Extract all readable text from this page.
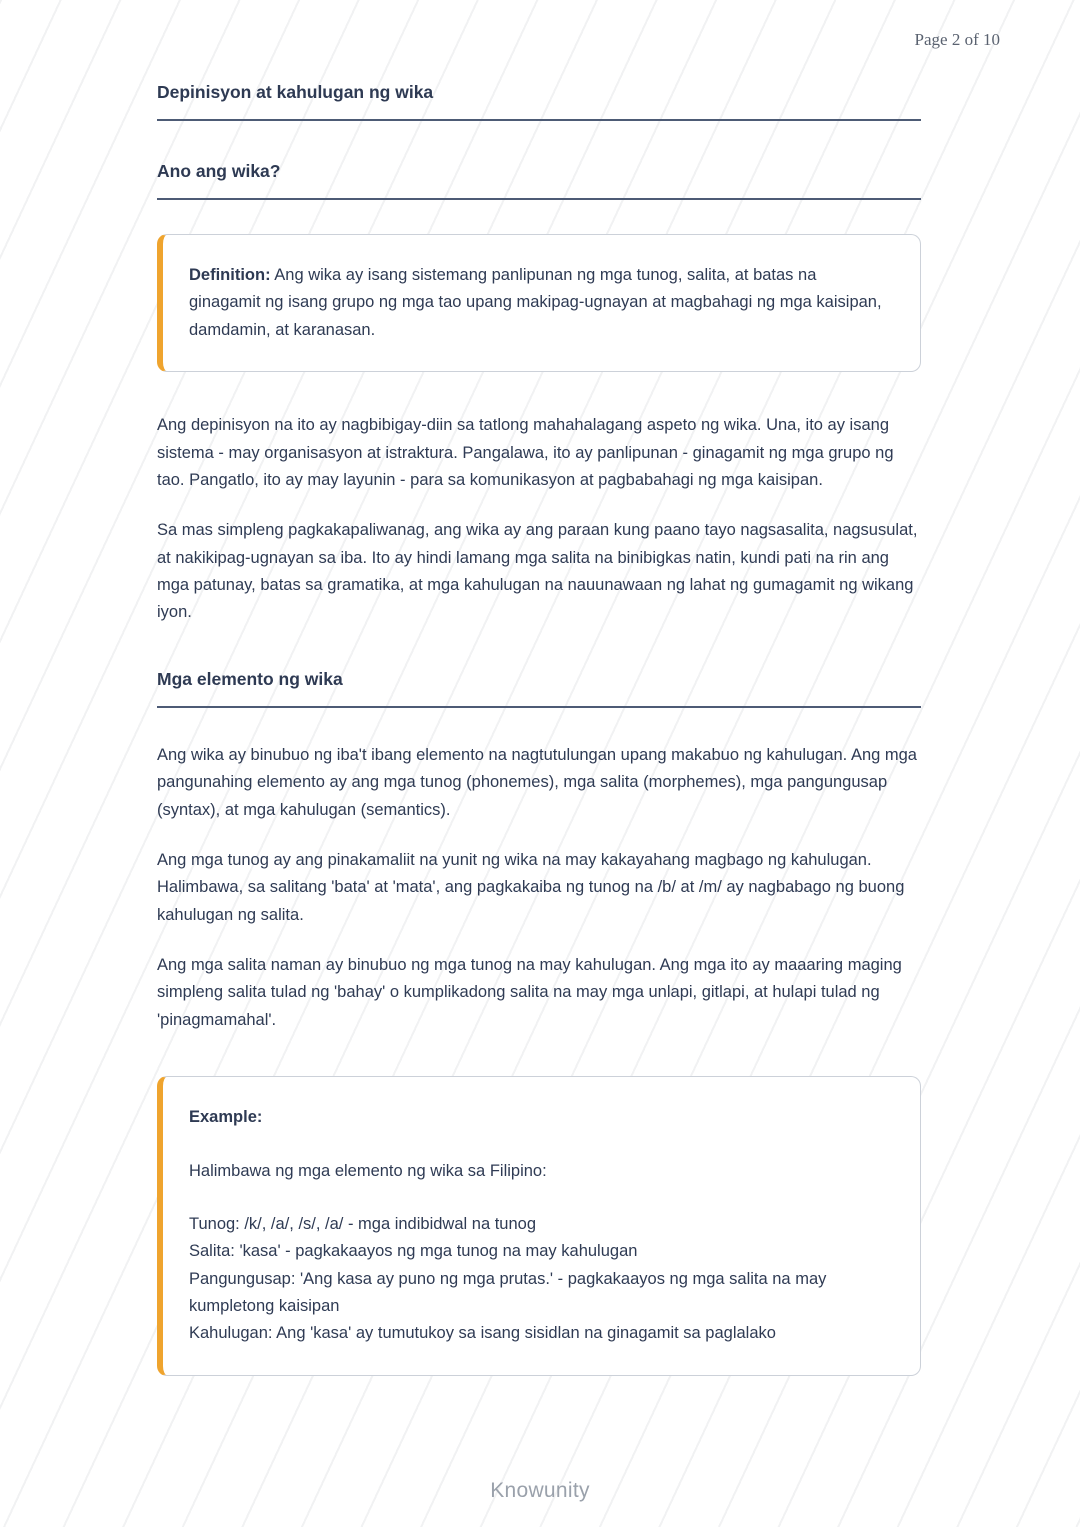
Page 2 of 10
Depinisyon at kahulugan ng wika
Ano ang wika?

Definition: Ang wika ay isang sistemang panlipunan ng mga tunog, salita, at batas na ginagamit ng isang grupo ng mga tao upang makipag-ugnayan at magbahagi ng mga kaisipan, damdamin, at karanasan.

Ang depinisyon na ito ay nagbibigay-diin sa tatlong mahahalagang aspeto ng wika. Una, ito ay isang sistema - may organisasyon at istraktura. Pangalawa, ito ay panlipunan - ginagamit ng mga grupo ng tao. Pangatlo, ito ay may layunin - para sa komunikasyon at pagbabahagi ng mga kaisipan.

Sa mas simpleng pagkakapaliwanag, ang wika ay ang paraan kung paano tayo nagsasalita, nagsusulat, at nakikipag-ugnayan sa iba. Ito ay hindi lamang mga salita na binibigkas natin, kundi pati na rin ang mga patunay, batas sa gramatika, at mga kahulugan na nauunawaan ng lahat ng gumagamit ng wikang iyon.

Mga elemento ng wika

Ang wika ay binubuo ng iba't ibang elemento na nagtutulungan upang makabuo ng kahulugan. Ang mga pangunahing elemento ay ang mga tunog (phonemes), mga salita (morphemes), mga pangungusap (syntax), at mga kahulugan (semantics).

Ang mga tunog ay ang pinakamaliit na yunit ng wika na may kakayahang magbago ng kahulugan. Halimbawa, sa salitang 'bata' at 'mata', ang pagkakaiba ng tunog na /b/ at /m/ ay nagbabago ng buong kahulugan ng salita.

Ang mga salita naman ay binubuo ng mga tunog na may kahulugan. Ang mga ito ay maaaring maging simpleng salita tulad ng 'bahay' o kumplikadong salita na may mga unlapi, gitlapi, at hulapi tulad ng 'pinagmamahal'.

Example:

Halimbawa ng mga elemento ng wika sa Filipino:

Tunog: /k/, /a/, /s/, /a/ - mga indibidwal na tunog
Salita: 'kasa' - pagkakaayos ng mga tunog na may kahulugan
Pangungusap: 'Ang kasa ay puno ng mga prutas.' - pagkakaayos ng mga salita na may kumpletong kaisipan
Kahulugan: Ang 'kasa' ay tumutukoy sa isang sisidlan na ginagamit sa paglalako
Knowunity
